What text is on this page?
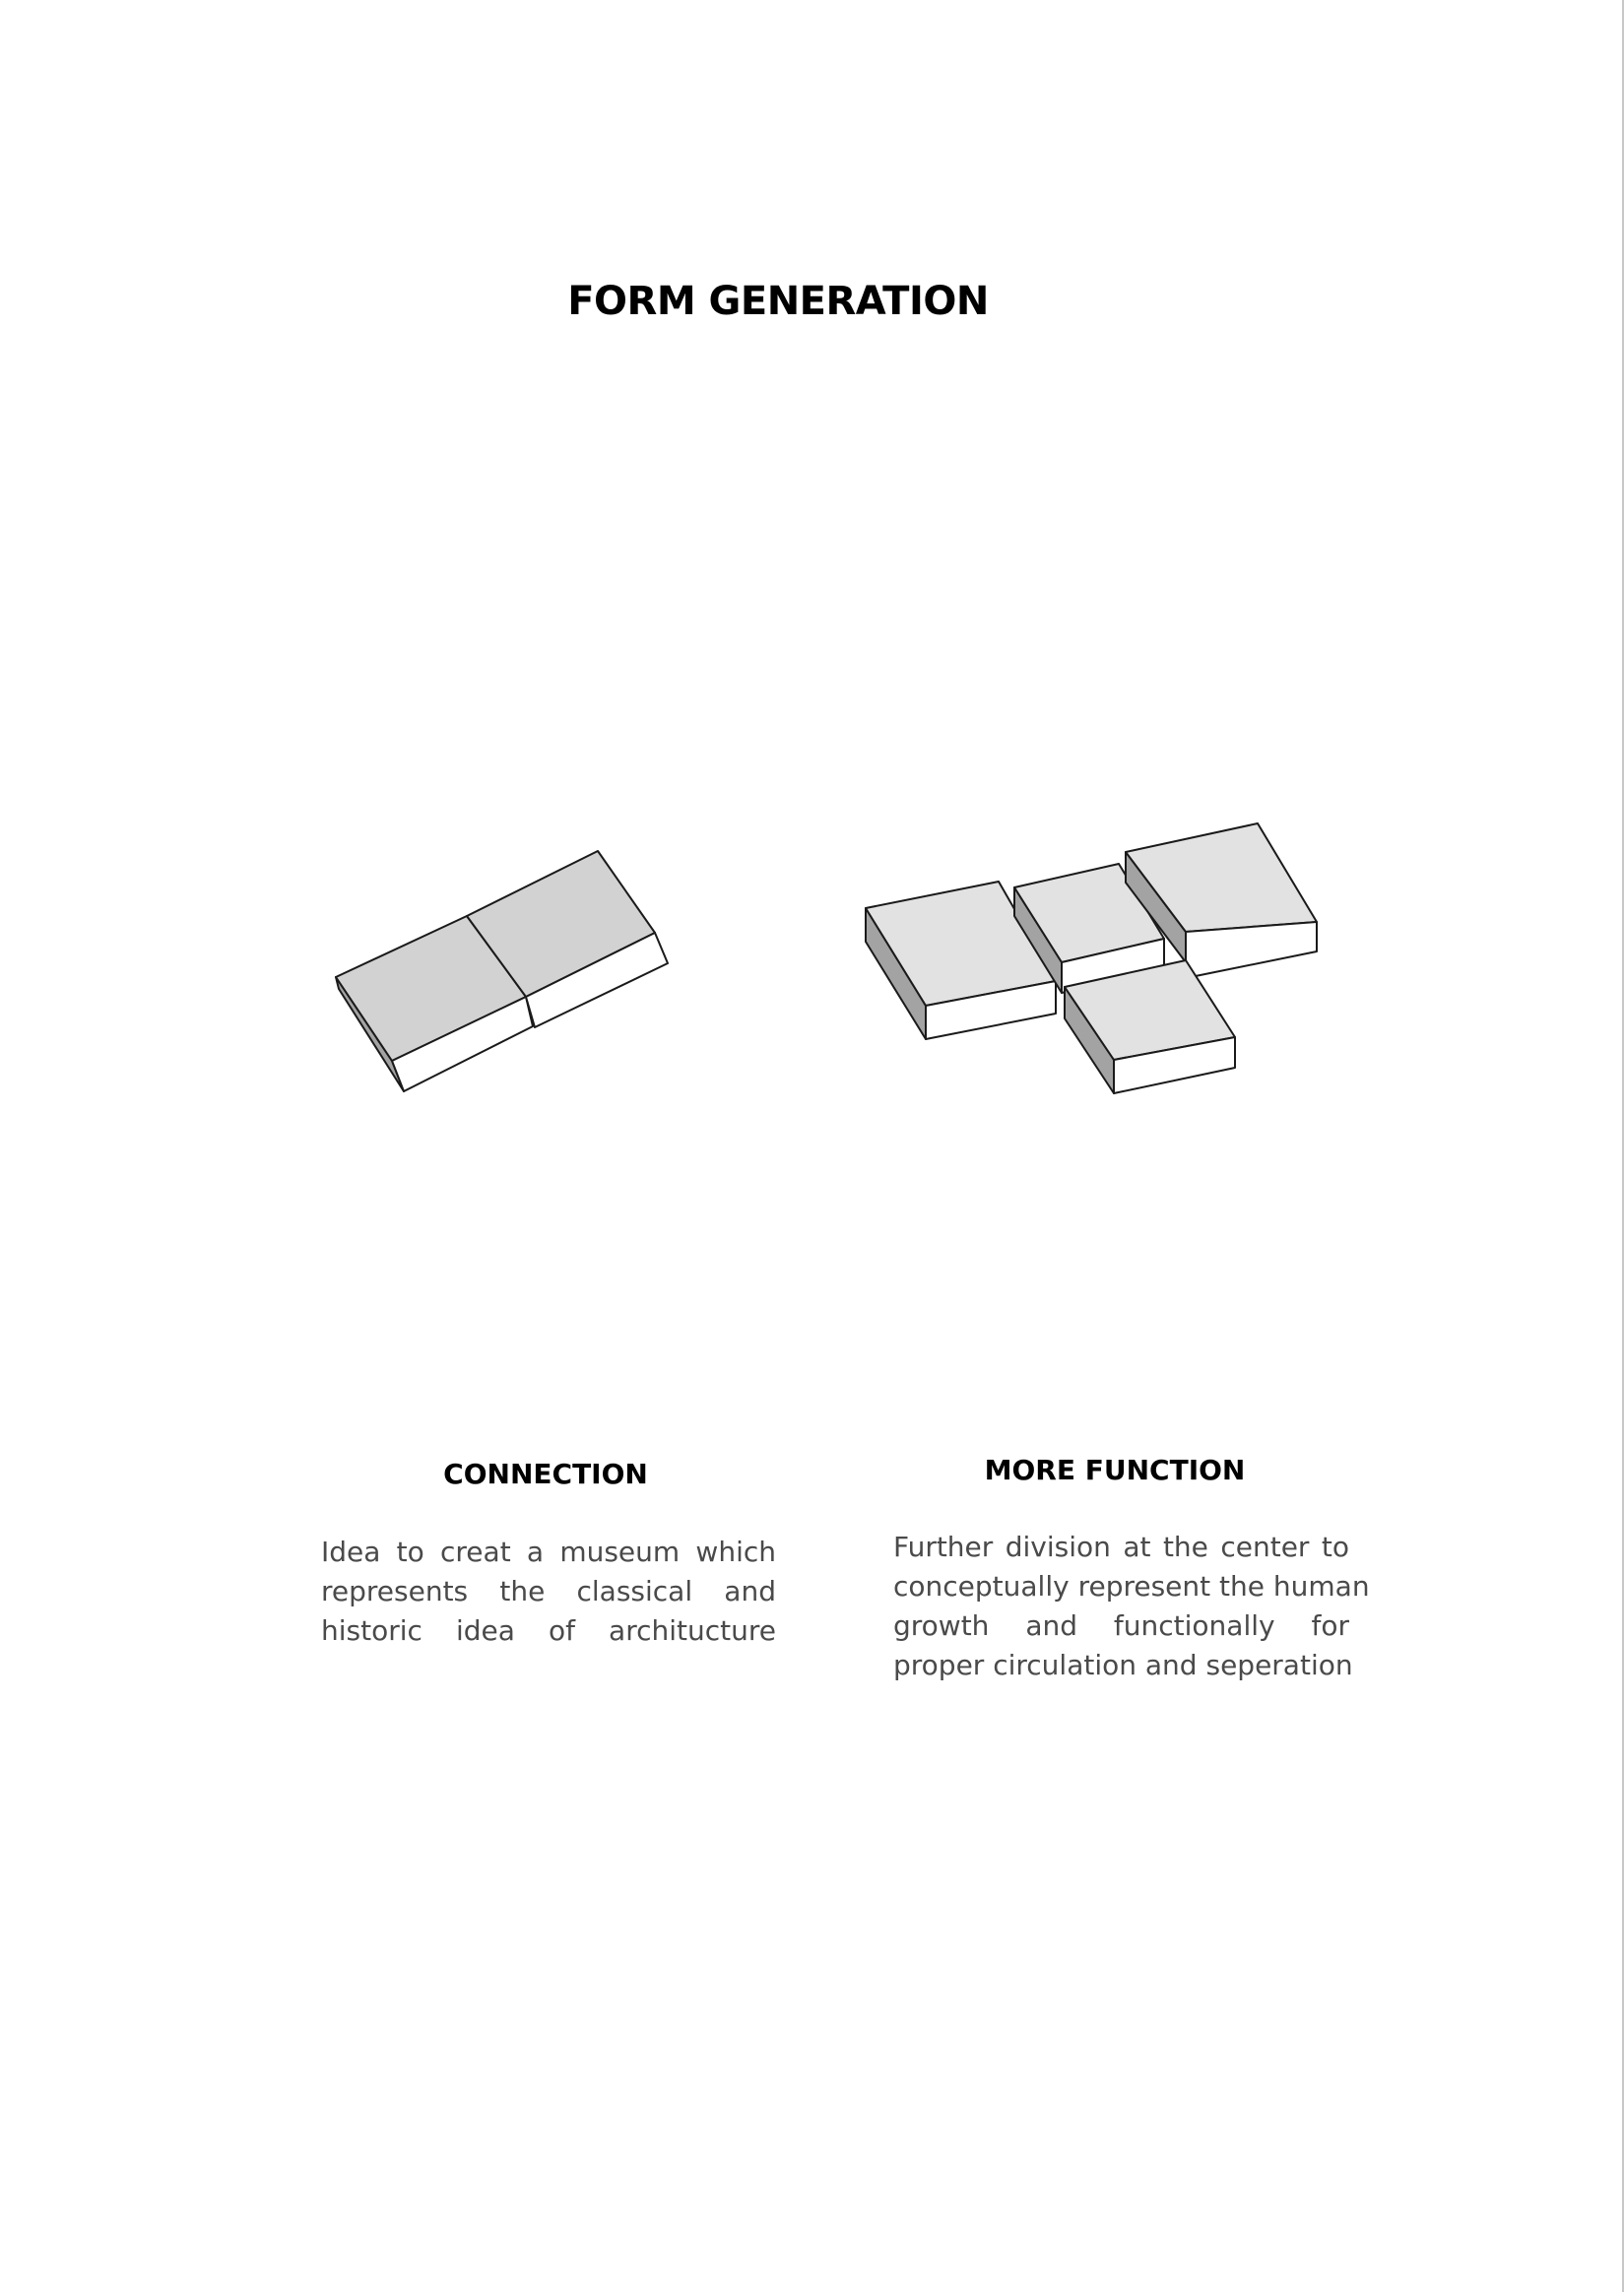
FORM GENERATION
CONNECTION
Idea to creat a museum which
represents the classical and
historic idea of architucture
MORE FUNCTION
Further division at the center to
conceptually represent the human
growth and functionally for
proper circulation and seperation
